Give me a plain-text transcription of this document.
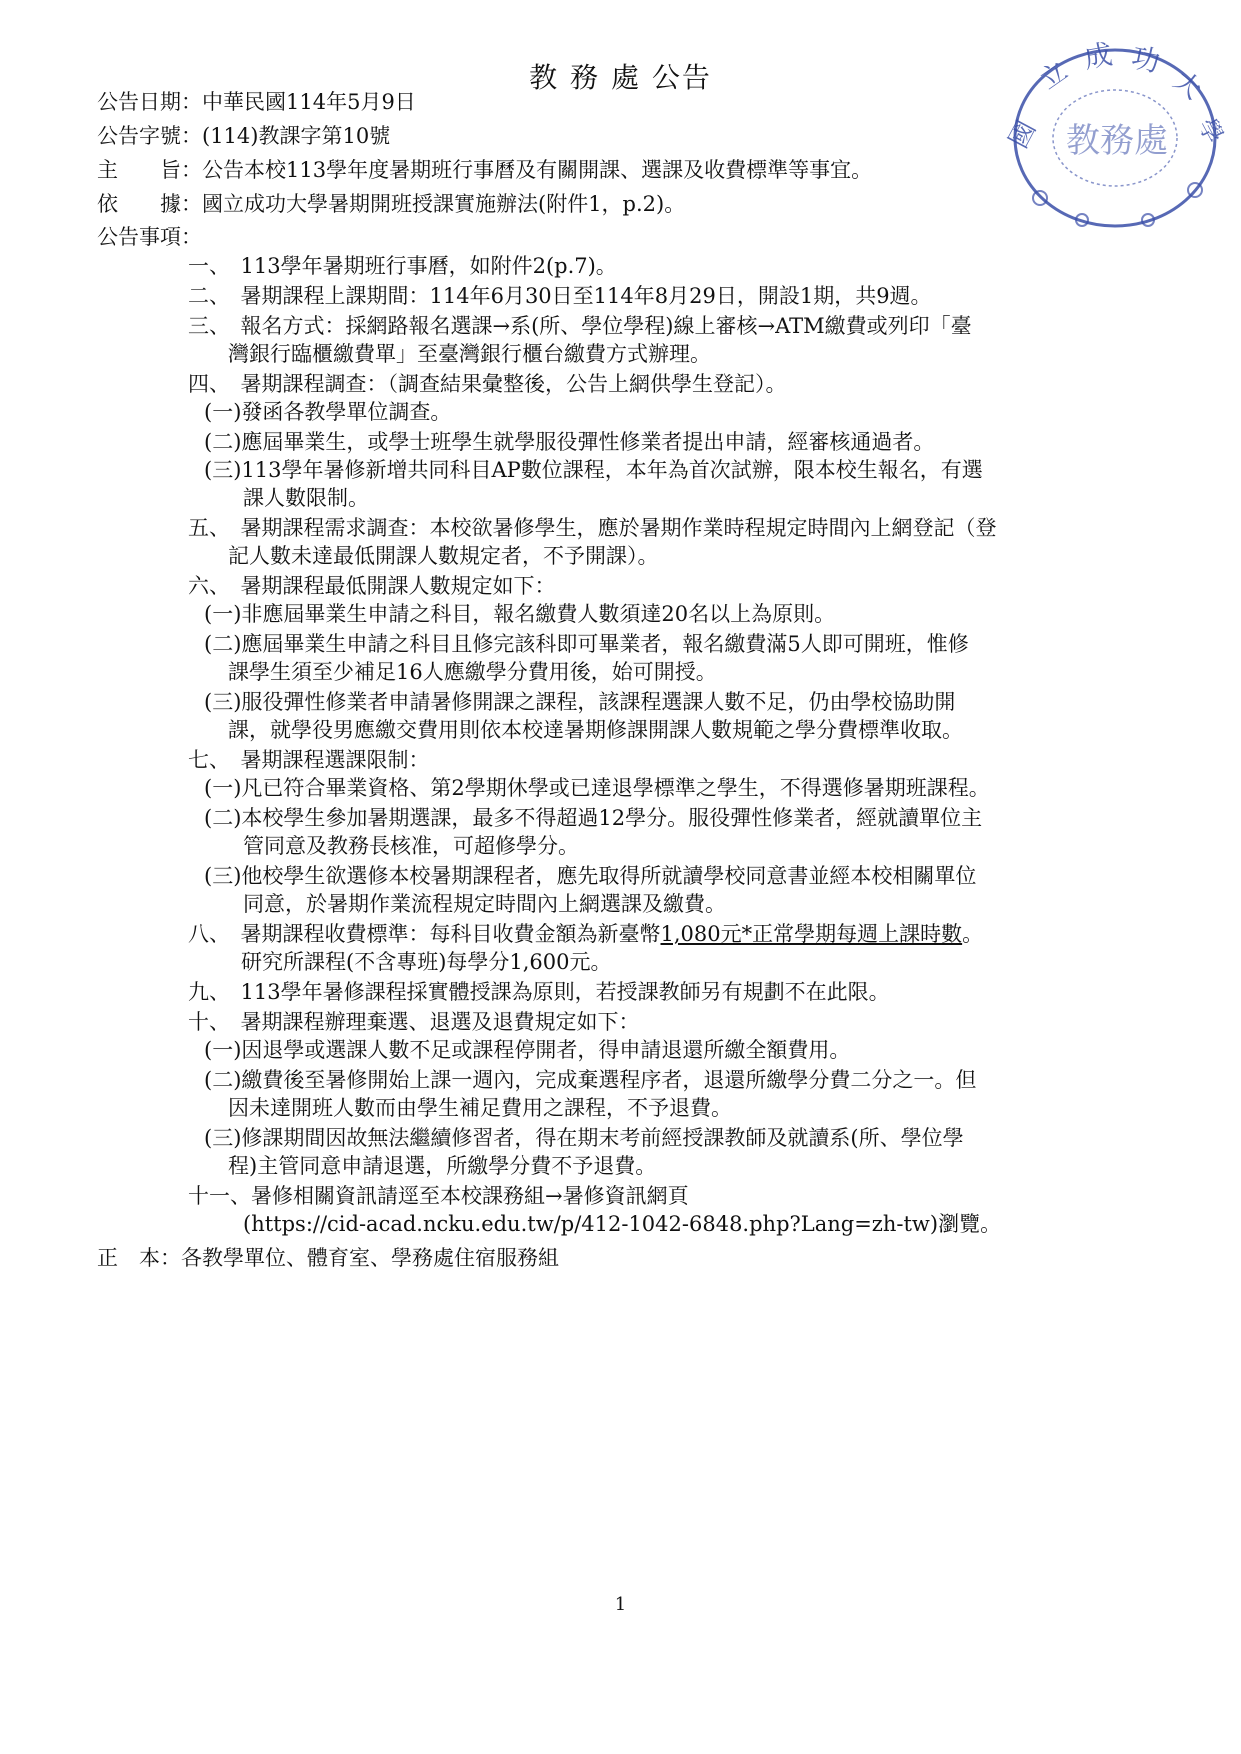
教 務 處 公告
公告日期：中華民國114年5月9日
公告字號：(114)教課字第10號
主　　旨：公告本校113學年度暑期班行事曆及有關開課、選課及收費標準等事宜。
依　　據：國立成功大學暑期開班授課實施辦法(附件1，p.2)。
公告事項：
一、　113學年暑期班行事曆，如附件2(p.7)。
二、　暑期課程上課期間：114年6月30日至114年8月29日，開設1期，共9週。
三、　報名方式：採網路報名選課→系(所、學位學程)線上審核→ATM繳費或列印「臺
灣銀行臨櫃繳費單」至臺灣銀行櫃台繳費方式辦理。
四、　暑期課程調查：（調查結果彙整後，公告上網供學生登記）。
(一)發函各教學單位調查。
(二)應屆畢業生，或學士班學生就學服役彈性修業者提出申請，經審核通過者。
(三)113學年暑修新增共同科目AP數位課程，本年為首次試辦，限本校生報名，有選
課人數限制。
五、　暑期課程需求調查：本校欲暑修學生，應於暑期作業時程規定時間內上網登記（登
記人數未達最低開課人數規定者，不予開課）。
六、　暑期課程最低開課人數規定如下：
(一)非應屆畢業生申請之科目，報名繳費人數須達20名以上為原則。
(二)應屆畢業生申請之科目且修完該科即可畢業者，報名繳費滿5人即可開班，惟修
課學生須至少補足16人應繳學分費用後，始可開授。
(三)服役彈性修業者申請暑修開課之課程，該課程選課人數不足，仍由學校協助開
課，就學役男應繳交費用則依本校達暑期修課開課人數規範之學分費標準收取。
七、　暑期課程選課限制：
(一)凡已符合畢業資格、第2學期休學或已達退學標準之學生，不得選修暑期班課程。
(二)本校學生參加暑期選課，最多不得超過12學分。服役彈性修業者，經就讀單位主
管同意及教務長核准，可超修學分。
(三)他校學生欲選修本校暑期課程者，應先取得所就讀學校同意書並經本校相關單位
同意，於暑期作業流程規定時間內上網選課及繳費。
八、　暑期課程收費標準：每科目收費金額為新臺幣1,080元*正常學期每週上課時數。
研究所課程(不含專班)每學分1,600元。
九、　113學年暑修課程採實體授課為原則，若授課教師另有規劃不在此限。
十、　暑期課程辦理棄選、退選及退費規定如下：
(一)因退學或選課人數不足或課程停開者，得申請退還所繳全額費用。
(二)繳費後至暑修開始上課一週內，完成棄選程序者，退還所繳學分費二分之一。但
因未達開班人數而由學生補足費用之課程，不予退費。
(三)修課期間因故無法繼續修習者，得在期末考前經授課教師及就讀系(所、學位學
程)主管同意申請退選，所繳學分費不予退費。
十一、暑修相關資訊請逕至本校課務組→暑修資訊網頁
(https://cid-acad.ncku.edu.tw/p/412-1042-6848.php?Lang=zh-tw)瀏覽。
正　本：各教學單位、體育室、學務處住宿服務組
1
國
立
成 功
大
學
教務處
